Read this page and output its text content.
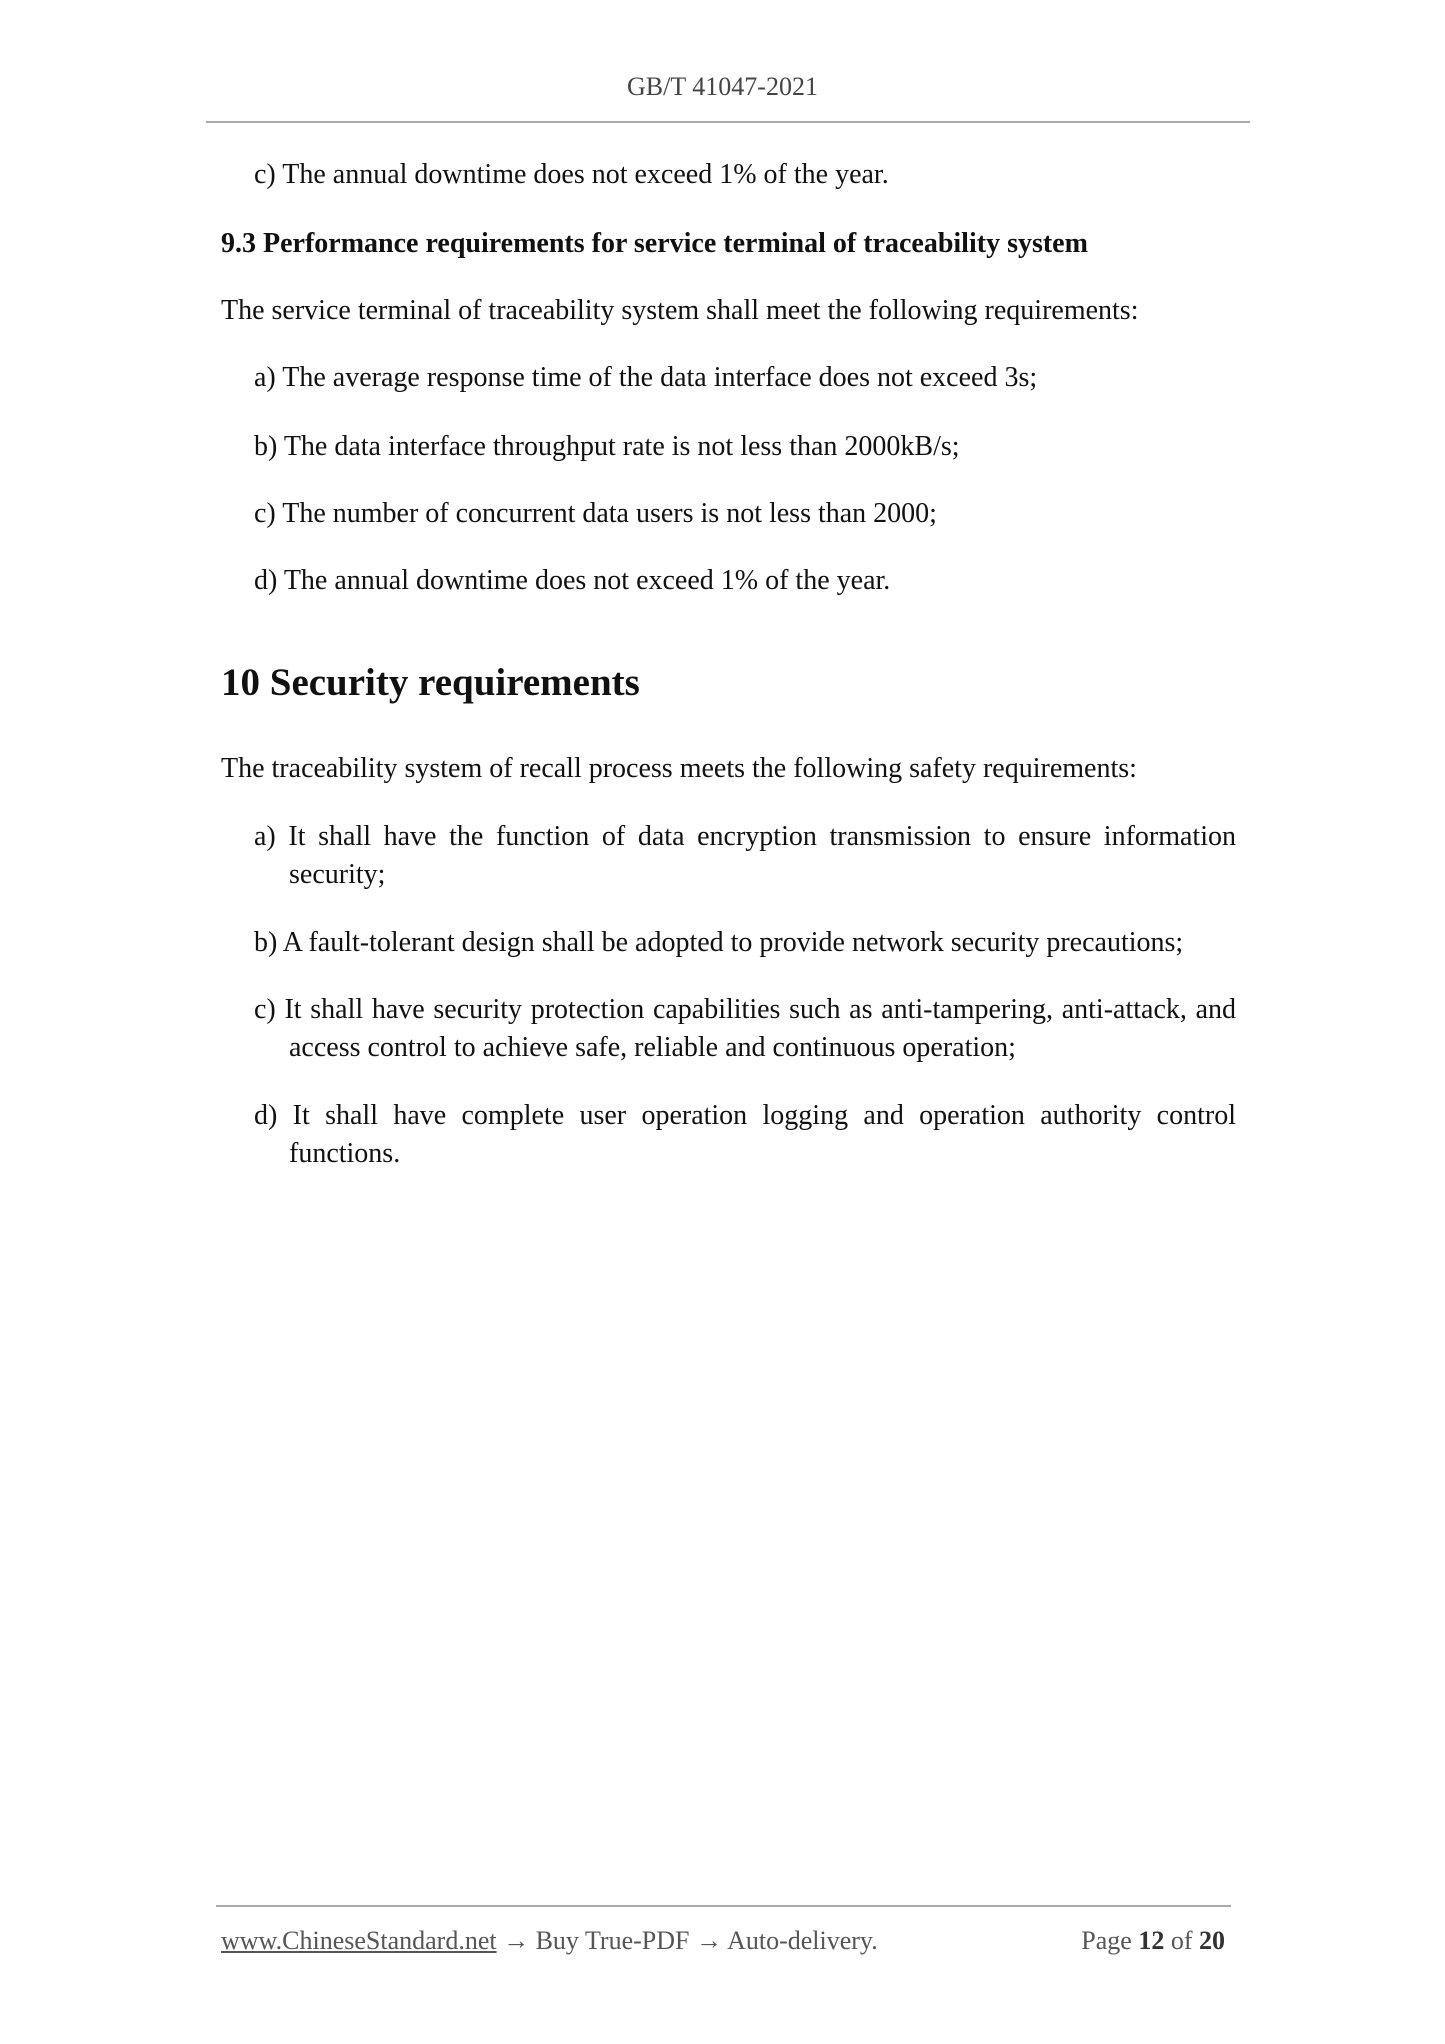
GB/T 41047-2021
c) The annual downtime does not exceed 1% of the year.
9.3 Performance requirements for service terminal of traceability system
The service terminal of traceability system shall meet the following requirements:
a) The average response time of the data interface does not exceed 3s;
b) The data interface throughput rate is not less than 2000kB/s;
c) The number of concurrent data users is not less than 2000;
d) The annual downtime does not exceed 1% of the year.
10 Security requirements
The traceability system of recall process meets the following safety requirements:
a) It shall have the function of data encryption transmission to ensure information security;
b) A fault-tolerant design shall be adopted to provide network security precautions;
c) It shall have security protection capabilities such as anti-tampering, anti-attack, and access control to achieve safe, reliable and continuous operation;
d) It shall have complete user operation logging and operation authority control functions.
www.ChineseStandard.net → Buy True-PDF → Auto-delivery.	Page 12 of 20
